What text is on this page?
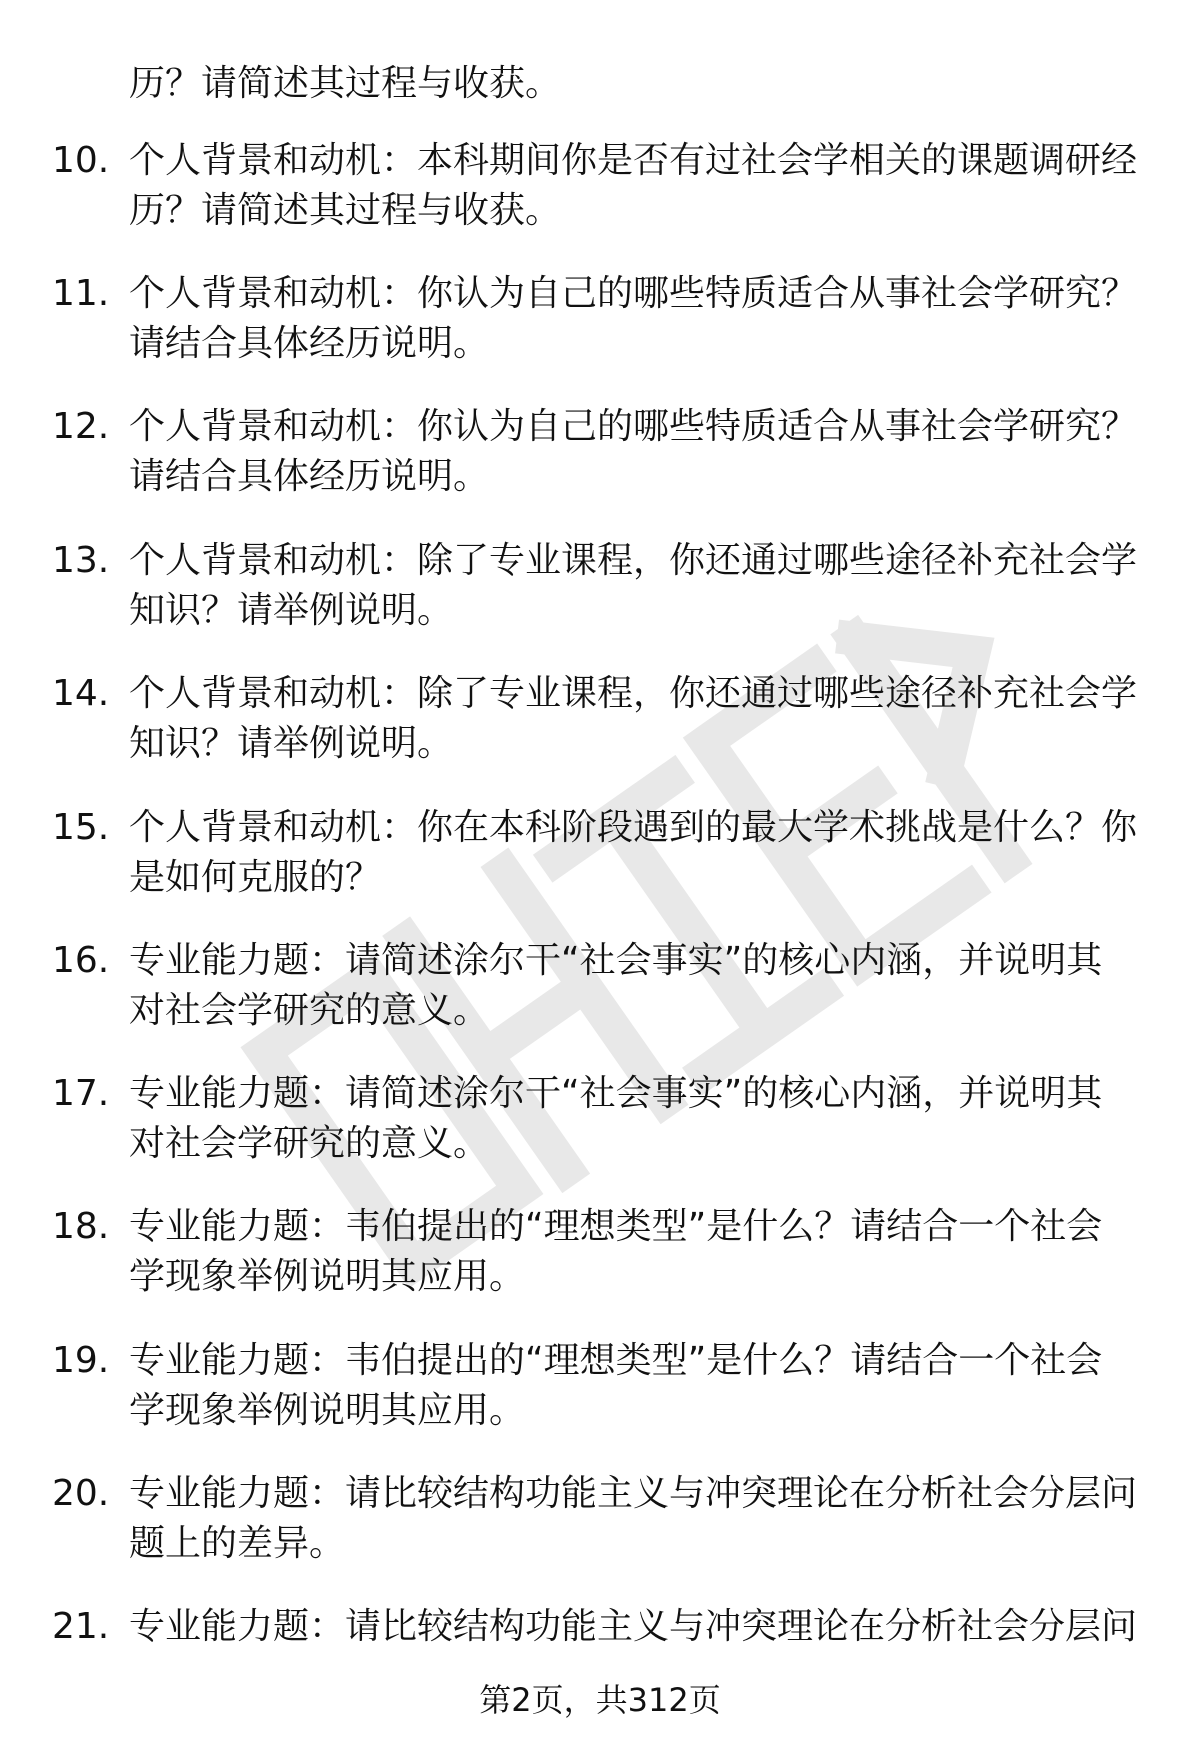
历？请简述其过程与收获。
10. 个人背景和动机：本科期间你是否有过社会学相关的课题调研经
历？请简述其过程与收获。
11. 个人背景和动机：你认为自己的哪些特质适合从事社会学研究？
请结合具体经历说明。
12. 个人背景和动机：你认为自己的哪些特质适合从事社会学研究？
请结合具体经历说明。
13. 个人背景和动机：除了专业课程，你还通过哪些途径补充社会学
知识？请举例说明。
14. 个人背景和动机：除了专业课程，你还通过哪些途径补充社会学
知识？请举例说明。
15. 个人背景和动机：你在本科阶段遇到的最大学术挑战是什么？你
是如何克服的？
16. 专业能力题：请简述涂尔干“社会事实”的核心内涵，并说明其
对社会学研究的意义。
17. 专业能力题：请简述涂尔干“社会事实”的核心内涵，并说明其
对社会学研究的意义。
18. 专业能力题：韦伯提出的“理想类型”是什么？请结合一个社会
学现象举例说明其应用。
19. 专业能力题：韦伯提出的“理想类型”是什么？请结合一个社会
学现象举例说明其应用。
20. 专业能力题：请比较结构功能主义与冲突理论在分析社会分层问
题上的差异。
21. 专业能力题：请比较结构功能主义与冲突理论在分析社会分层问
第2页，共312页
